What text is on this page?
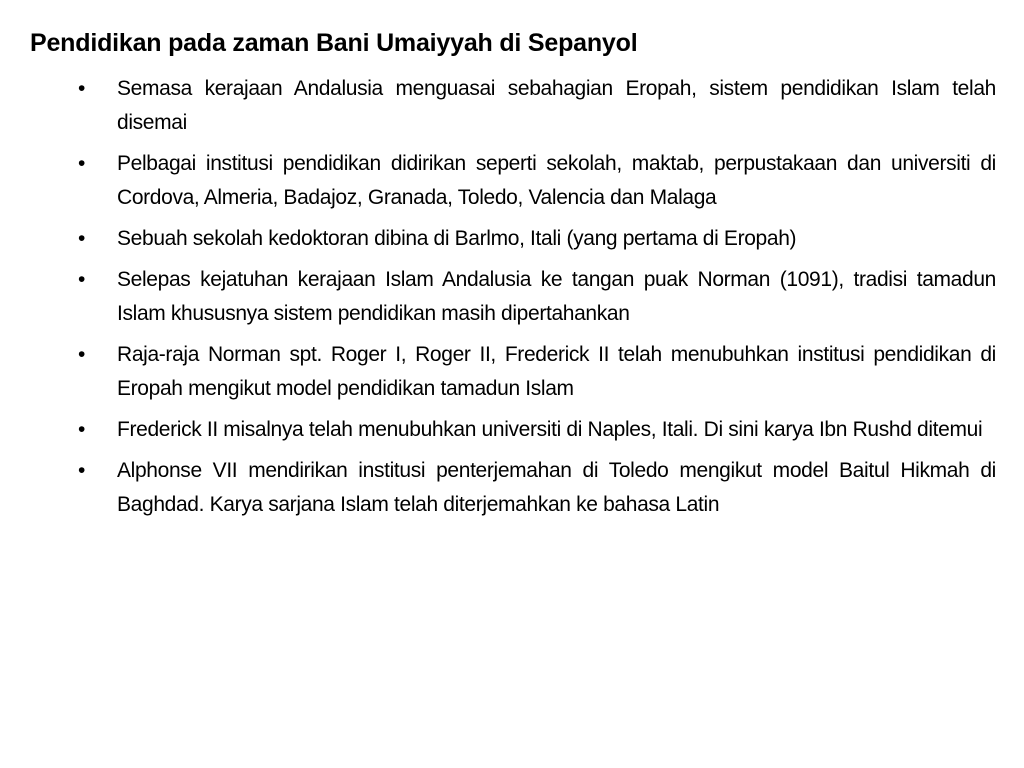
Pendidikan pada zaman Bani Umaiyyah di Sepanyol
•	Semasa kerajaan Andalusia menguasai sebahagian Eropah, sistem pendidikan Islam telah disemai
•	Pelbagai institusi pendidikan didirikan seperti sekolah, maktab, perpustakaan dan universiti di Cordova, Almeria, Badajoz, Granada, Toledo, Valencia dan Malaga
•	Sebuah sekolah kedoktoran dibina di Barlmo, Itali (yang pertama di Eropah)
•	Selepas kejatuhan kerajaan Islam Andalusia ke tangan puak Norman (1091), tradisi tamadun Islam khususnya sistem pendidikan masih dipertahankan
•	Raja-raja Norman spt. Roger I, Roger II, Frederick II telah menubuhkan institusi pendidikan di Eropah mengikut model pendidikan tamadun Islam
•	Frederick II misalnya telah menubuhkan universiti di Naples, Itali. Di sini karya Ibn Rushd ditemui
•	Alphonse VII mendirikan institusi penterjemahan di Toledo mengikut model Baitul Hikmah di Baghdad. Karya sarjana Islam telah diterjemahkan ke bahasa Latin
